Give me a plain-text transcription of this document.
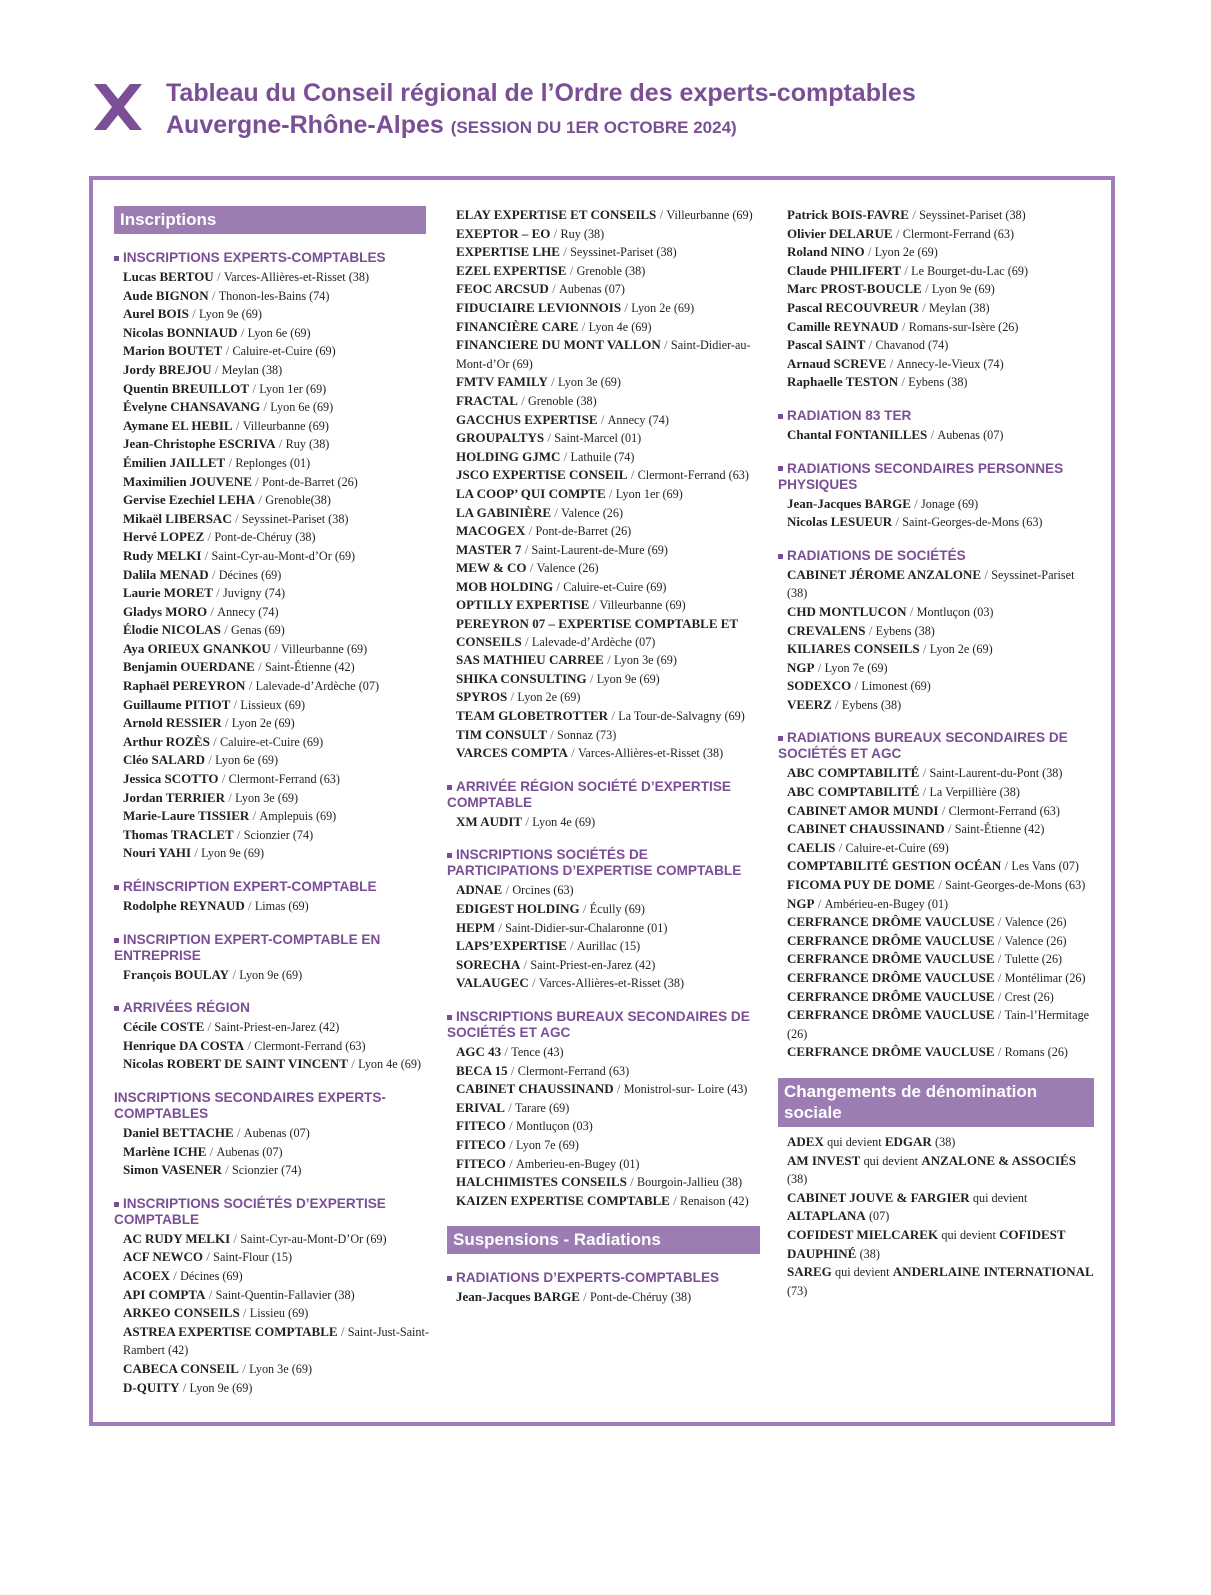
Tableau du Conseil régional de l’Ordre des experts-comptables
Auvergne-Rhône-Alpes (SESSION DU 1ER OCTOBRE 2024)
Inscriptions
INSCRIPTIONS EXPERTS-COMPTABLES
Lucas BERTOU / Varces-Allières-et-Risset (38)
Aude BIGNON / Thonon-les-Bains (74)
Aurel BOIS / Lyon 9e (69)
Nicolas BONNIAUD / Lyon 6e (69)
Marion BOUTET / Caluire-et-Cuire (69)
Jordy BREJOU / Meylan (38)
Quentin BREUILLOT / Lyon 1er (69)
Évelyne CHANSAVANG / Lyon 6e (69)
Aymane EL HEBIL / Villeurbanne (69)
Jean-Christophe ESCRIVA / Ruy (38)
Émilien JAILLET / Replonges (01)
Maximilien JOUVENE / Pont-de-Barret (26)
Gervise Ezechiel LEHA / Grenoble(38)
Mikaël LIBERSAC / Seyssinet-Pariset (38)
Hervé LOPEZ / Pont-de-Chéruy (38)
Rudy MELKI / Saint-Cyr-au-Mont-d’Or (69)
Dalila MENAD / Décines (69)
Laurie MORET / Juvigny (74)
Gladys MORO / Annecy (74)
Élodie NICOLAS / Genas (69)
Aya ORIEUX GNANKOU / Villeurbanne (69)
Benjamin OUERDANE / Saint-Étienne (42)
Raphaël PEREYRON / Lalevade-d’Ardèche (07)
Guillaume PITIOT / Lissieux (69)
Arnold RESSIER / Lyon 2e (69)
Arthur ROZÈS / Caluire-et-Cuire (69)
Cléo SALARD / Lyon 6e (69)
Jessica SCOTTO / Clermont-Ferrand (63)
Jordan TERRIER / Lyon 3e (69)
Marie-Laure TISSIER / Amplepuis (69)
Thomas TRACLET / Scionzier (74)
Nouri YAHI / Lyon 9e (69)
RÉINSCRIPTION EXPERT-COMPTABLE
Rodolphe REYNAUD / Limas (69)
INSCRIPTION EXPERT-COMPTABLE EN ENTREPRISE
François BOULAY / Lyon 9e (69)
ARRIVÉES RÉGION
Cécile COSTE / Saint-Priest-en-Jarez (42)
Henrique DA COSTA / Clermont-Ferrand (63)
Nicolas ROBERT DE SAINT VINCENT / Lyon 4e (69)
INSCRIPTIONS SECONDAIRES EXPERTS-COMPTABLES
Daniel BETTACHE / Aubenas (07)
Marlène ICHE / Aubenas (07)
Simon VASENER / Scionzier (74)
INSCRIPTIONS SOCIÉTÉS D’EXPERTISE COMPTABLE
AC RUDY MELKI / Saint-Cyr-au-Mont-D’Or (69)
ACF NEWCO / Saint-Flour (15)
ACOEX / Décines (69)
API COMPTA / Saint-Quentin-Fallavier (38)
ARKEO CONSEILS / Lissieu (69)
ASTREA EXPERTISE COMPTABLE / Saint-Just-Saint-Rambert (42)
CABECA CONSEIL / Lyon 3e (69)
D-QUITY / Lyon 9e (69)
ELAY EXPERTISE ET CONSEILS / Villeurbanne (69)
EXEPTOR – EO / Ruy (38)
EXPERTISE LHE / Seyssinet-Pariset (38)
EZEL EXPERTISE / Grenoble (38)
FEOC ARCSUD / Aubenas (07)
FIDUCIAIRE LEVIONNOIS / Lyon 2e (69)
FINANCIÈRE CARE / Lyon 4e (69)
FINANCIERE DU MONT VALLON / Saint-Didier-au-Mont-d’Or (69)
FMTV FAMILY / Lyon 3e (69)
FRACTAL / Grenoble (38)
GACCHUS EXPERTISE / Annecy (74)
GROUPALTYS / Saint-Marcel (01)
HOLDING GJMC / Lathuile (74)
JSCO EXPERTISE CONSEIL / Clermont-Ferrand (63)
LA COOP’ QUI COMPTE / Lyon 1er (69)
LA GABINIÈRE / Valence (26)
MACOGEX / Pont-de-Barret (26)
MASTER 7 / Saint-Laurent-de-Mure (69)
MEW & CO / Valence (26)
MOB HOLDING / Caluire-et-Cuire (69)
OPTILLY EXPERTISE / Villeurbanne (69)
PEREYRON 07 – EXPERTISE COMPTABLE ET CONSEILS / Lalevade-d’Ardèche (07)
SAS MATHIEU CARREE / Lyon 3e (69)
SHIKA CONSULTING / Lyon 9e (69)
SPYROS / Lyon 2e (69)
TEAM GLOBETROTTER / La Tour-de-Salvagny (69)
TIM CONSULT / Sonnaz (73)
VARCES COMPTA / Varces-Allières-et-Risset (38)
ARRIVÉE RÉGION SOCIÉTÉ D’EXPERTISE COMPTABLE
XM AUDIT / Lyon 4e (69)
INSCRIPTIONS SOCIÉTÉS DE PARTICIPATIONS D’EXPERTISE COMPTABLE
ADNAE / Orcines (63)
EDIGEST HOLDING / Écully (69)
HEPM / Saint-Didier-sur-Chalaronne (01)
LAPS’EXPERTISE / Aurillac (15)
SORECHA / Saint-Priest-en-Jarez (42)
VALAUGEC / Varces-Allières-et-Risset (38)
INSCRIPTIONS BUREAUX SECONDAIRES DE SOCIÉTÉS ET AGC
AGC 43 / Tence (43)
BECA 15 / Clermont-Ferrand (63)
CABINET CHAUSSINAND / Monistrol-sur- Loire (43)
ERIVAL / Tarare (69)
FITECO / Montluçon (03)
FITECO / Lyon 7e (69)
FITECO / Amberieu-en-Bugey (01)
HALCHIMISTES CONSEILS / Bourgoin-Jallieu (38)
KAIZEN EXPERTISE COMPTABLE / Renaison (42)
Suspensions - Radiations
RADIATIONS D’EXPERTS-COMPTABLES
Jean-Jacques BARGE / Pont-de-Chéruy (38)
Patrick BOIS-FAVRE / Seyssinet-Pariset (38)
Olivier DELARUE / Clermont-Ferrand (63)
Roland NINO / Lyon 2e (69)
Claude PHILIFERT / Le Bourget-du-Lac (69)
Marc PROST-BOUCLE / Lyon 9e (69)
Pascal RECOUVREUR / Meylan (38)
Camille REYNAUD / Romans-sur-Isère (26)
Pascal SAINT / Chavanod (74)
Arnaud SCREVE / Annecy-le-Vieux (74)
Raphaelle TESTON / Eybens (38)
RADIATION 83 TER
Chantal FONTANILLES / Aubenas (07)
RADIATIONS SECONDAIRES PERSONNES PHYSIQUES
Jean-Jacques BARGE / Jonage (69)
Nicolas LESUEUR / Saint-Georges-de-Mons (63)
RADIATIONS DE SOCIÉTÉS
CABINET JÉROME ANZALONE / Seyssinet-Pariset (38)
CHD MONTLUCON / Montluçon (03)
CREVALENS / Eybens (38)
KILIARES CONSEILS / Lyon 2e (69)
NGP / Lyon 7e (69)
SODEXCO / Limonest (69)
VEERZ / Eybens (38)
RADIATIONS BUREAUX SECONDAIRES DE SOCIÉTÉS ET AGC
ABC COMPTABILITÉ / Saint-Laurent-du-Pont (38)
ABC COMPTABILITÉ / La Verpillière (38)
CABINET AMOR MUNDI / Clermont-Ferrand (63)
CABINET CHAUSSINAND / Saint-Étienne (42)
CAELIS / Caluire-et-Cuire (69)
COMPTABILITÉ GESTION OCÉAN / Les Vans (07)
FICOMA PUY DE DOME / Saint-Georges-de-Mons (63)
NGP / Ambérieu-en-Bugey (01)
CERFRANCE DRÔME VAUCLUSE / Valence (26)
CERFRANCE DRÔME VAUCLUSE / Valence (26)
CERFRANCE DRÔME VAUCLUSE / Tulette (26)
CERFRANCE DRÔME VAUCLUSE / Montélimar (26)
CERFRANCE DRÔME VAUCLUSE / Crest (26)
CERFRANCE DRÔME VAUCLUSE / Tain-l’Hermitage (26)
CERFRANCE DRÔME VAUCLUSE / Romans (26)
Changements de dénomination sociale
ADEX qui devient EDGAR (38)
AM INVEST qui devient ANZALONE & ASSOCIÉS (38)
CABINET JOUVE & FARGIER qui devient ALTAPLANA (07)
COFIDEST MIELCAREK qui devient COFIDEST DAUPHINÉ (38)
SAREG qui devient ANDERLAINE INTERNATIONAL (73)
